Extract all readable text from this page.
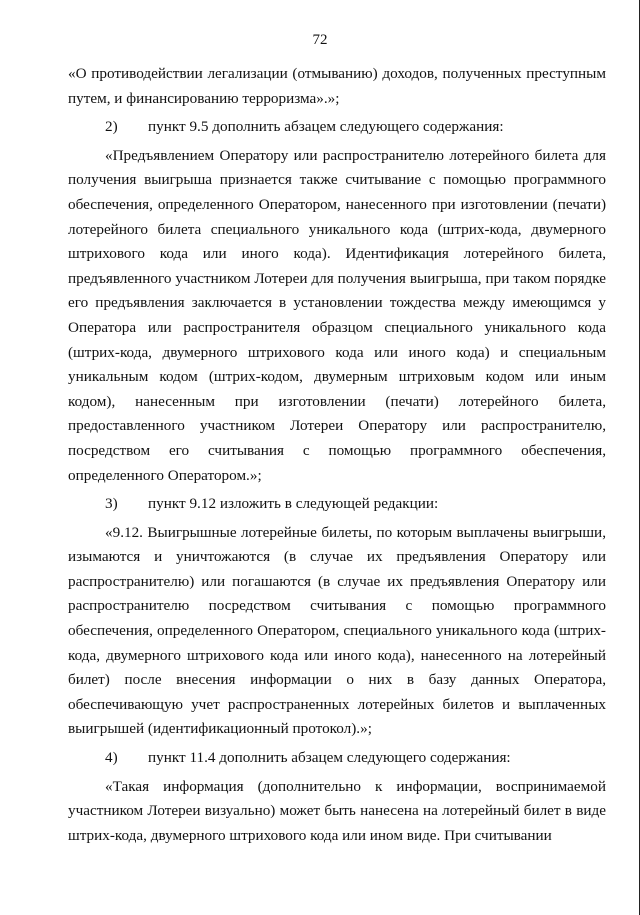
72

«О противодействии легализации (отмыванию) доходов, полученных преступным путем, и финансированию терроризма».»;

2) пункт 9.5 дополнить абзацем следующего содержания:

«Предъявлением Оператору или распространителю лотерейного билета для получения выигрыша признается также считывание с помощью программного обеспечения, определенного Оператором, нанесенного при изготовлении (печати) лотерейного билета специального уникального кода (штрих-кода, двумерного штрихового кода или иного кода). Идентификация лотерейного билета, предъявленного участником Лотереи для получения выигрыша, при таком порядке его предъявления заключается в установлении тождества между имеющимся у Оператора или распространителя образцом специального уникального кода (штрих-кода, двумерного штрихового кода или иного кода) и специальным уникальным кодом (штрих-кодом, двумерным штриховым кодом или иным кодом), нанесенным при изготовлении (печати) лотерейного билета, предоставленного участником Лотереи Оператору или распространителю, посредством его считывания с помощью программного обеспечения, определенного Оператором.»;

3) пункт 9.12 изложить в следующей редакции:

«9.12. Выигрышные лотерейные билеты, по которым выплачены выигрыши, изымаются и уничтожаются (в случае их предъявления Оператору или распространителю) или погашаются (в случае их предъявления Оператору или распространителю посредством считывания с помощью программного обеспечения, определенного Оператором, специального уникального кода (штрих-кода, двумерного штрихового кода или иного кода), нанесенного на лотерейный билет) после внесения информации о них в базу данных Оператора, обеспечивающую учет распространенных лотерейных билетов и выплаченных выигрышей (идентификационный протокол).»;

4) пункт 11.4 дополнить абзацем следующего содержания:

«Такая информация (дополнительно к информации, воспринимаемой участником Лотереи визуально) может быть нанесена на лотерейный билет в виде штрих-кода, двумерного штрихового кода или ином виде. При считывании
